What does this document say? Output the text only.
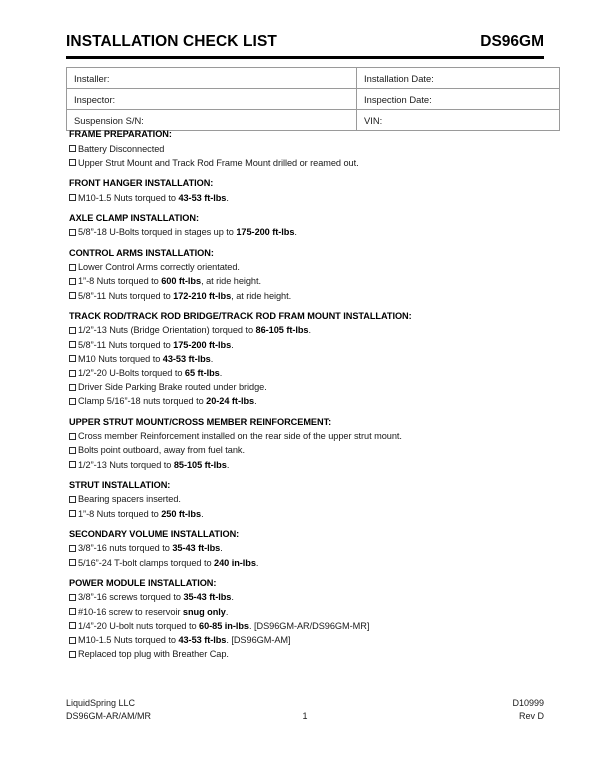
INSTALLATION CHECK LIST	DS96GM
Installer:	Installation Date:
Inspector:	Inspection Date:
Suspension S/N:	VIN:
FRAME PREPARATION:
Battery Disconnected
Upper Strut Mount and Track Rod Frame Mount drilled or reamed out.
FRONT HANGER INSTALLATION:
M10-1.5 Nuts torqued to 43-53 ft-lbs.
AXLE CLAMP INSTALLATION:
5/8”-18 U-Bolts torqued in stages up to 175-200 ft-lbs.
CONTROL ARMS INSTALLATION:
Lower Control Arms correctly orientated.
1”-8 Nuts torqued to 600 ft-lbs, at ride height.
5/8”-11 Nuts torqued to 172-210 ft-lbs, at ride height.
TRACK ROD/TRACK ROD BRIDGE/TRACK ROD FRAM MOUNT INSTALLATION:
1/2”-13 Nuts (Bridge Orientation) torqued to 86-105 ft-lbs.
5/8”-11 Nuts torqued to 175-200 ft-lbs.
M10 Nuts torqued to 43-53 ft-lbs.
1/2”-20 U-Bolts torqued to 65 ft-lbs.
Driver Side Parking Brake routed under bridge.
Clamp 5/16”-18 nuts torqued to 20-24 ft-lbs.
UPPER STRUT MOUNT/CROSS MEMBER REINFORCEMENT:
Cross member Reinforcement installed on the rear side of the upper strut mount.
Bolts point outboard, away from fuel tank.
1/2”-13 Nuts torqued to 85-105 ft-lbs.
STRUT INSTALLATION:
Bearing spacers inserted.
1”-8 Nuts torqued to 250 ft-lbs.
SECONDARY VOLUME INSTALLATION:
3/8”-16 nuts torqued to 35-43 ft-lbs.
5/16”-24 T-bolt clamps torqued to 240 in-lbs.
POWER MODULE INSTALLATION:
3/8”-16 screws torqued to 35-43 ft-lbs.
#10-16 screw to reservoir snug only.
1/4”-20 U-bolt nuts torqued to 60-85 in-lbs. [DS96GM-AR/DS96GM-MR]
M10-1.5 Nuts torqued to 43-53 ft-lbs. [DS96GM-AM]
Replaced top plug with Breather Cap.
LiquidSpring LLC	D10999
DS96GM-AR/AM/MR	1	Rev D
